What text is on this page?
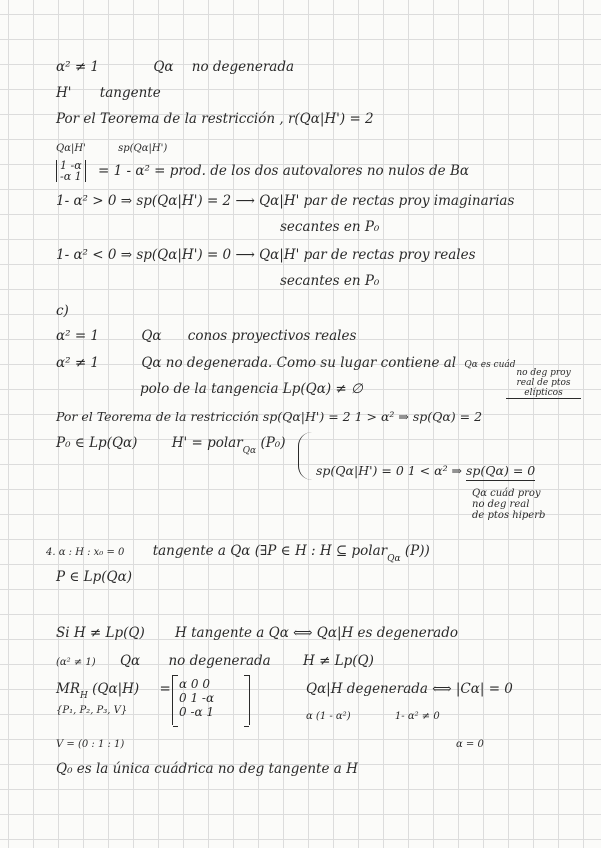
α² ≠ 1	Qα no degenerada
H' tangente
Por el Teorema de la restricción , r(Qα|H') = 2
Qα|H'	sp(Qα|H')
1 -α
-α 1 = 1 - α² = prod. de los dos autovalores no nulos de Bα
1- α² > 0 ⇒ sp(Qα|H') = 2 ⟶ Qα|H' par de rectas proy imaginarias
secantes en P₀
1- α² < 0 ⇒ sp(Qα|H') = 0 ⟶ Qα|H' par de rectas proy reales
secantes en P₀
c)
α² = 1	Qα conos proyectivos reales
α² ≠ 1	Qα no degenerada. Como su lugar contiene al Qα es cuád
polo de la tangencia Lp(Qα) ≠ ∅
no deg proy
real de ptos
elípticos
Por el Teorema de la restricción sp(Qα|H') = 2 1 > α² ⇒ sp(Qα) = 2
P₀ ∈ Lp(Qα)	H' = polarQα (P₀)
sp(Qα|H') = 0 1 < α² ⇒ sp(Qα) = 0
Qα cuád proy
no deg real
de ptos hiperb
4. α : H : x₀ = 0 tangente a Qα (∃P ∈ H : H ⊆ polarQα (P))
P ∈ Lp(Qα)
Si H ≠ Lp(Q) H tangente a Qα ⟺ Qα|H es degenerado
(α² ≠ 1) Qα no degenerada H ≠ Lp(Q)
MRH (Qα|H) =
{P₁, P₂, P₃, V}
α 0 0
0 1 -α
0 -α 1
Qα|H degenerada ⟺ |Cα| = 0
α (1 - α²)	1- α² ≠ 0
V = (0 : 1 : 1)	α = 0
Q₀ es la única cuádrica no deg tangente a H
